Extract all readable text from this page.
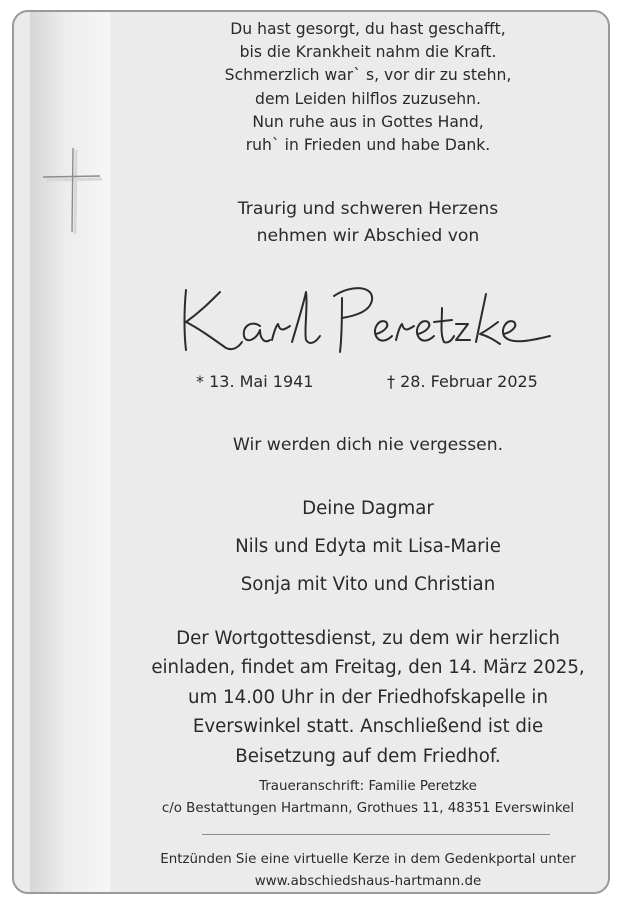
Du hast gesorgt, du hast geschafft,
bis die Krankheit nahm die Kraft.
Schmerzlich war` s, vor dir zu stehn,
dem Leiden hilflos zuzusehn.
Nun ruhe aus in Gottes Hand,
ruh` in Frieden und habe Dank.
Traurig und schweren Herzens
nehmen wir Abschied von
* 13. Mai 1941	† 28. Februar 2025
Wir werden dich nie vergessen.
Deine Dagmar
Nils und Edyta mit Lisa-Marie
Sonja mit Vito und Christian
Der Wortgottesdienst, zu dem wir herzlich
einladen, findet am Freitag, den 14. März 2025,
um 14.00 Uhr in der Friedhofskapelle in
Everswinkel statt. Anschließend ist die
Beisetzung auf dem Friedhof.
Traueranschrift: Familie Peretzke
c/o Bestattungen Hartmann, Grothues 11, 48351 Everswinkel
Entzünden Sie eine virtuelle Kerze in dem Gedenkportal unter
www.abschiedshaus-hartmann.de
